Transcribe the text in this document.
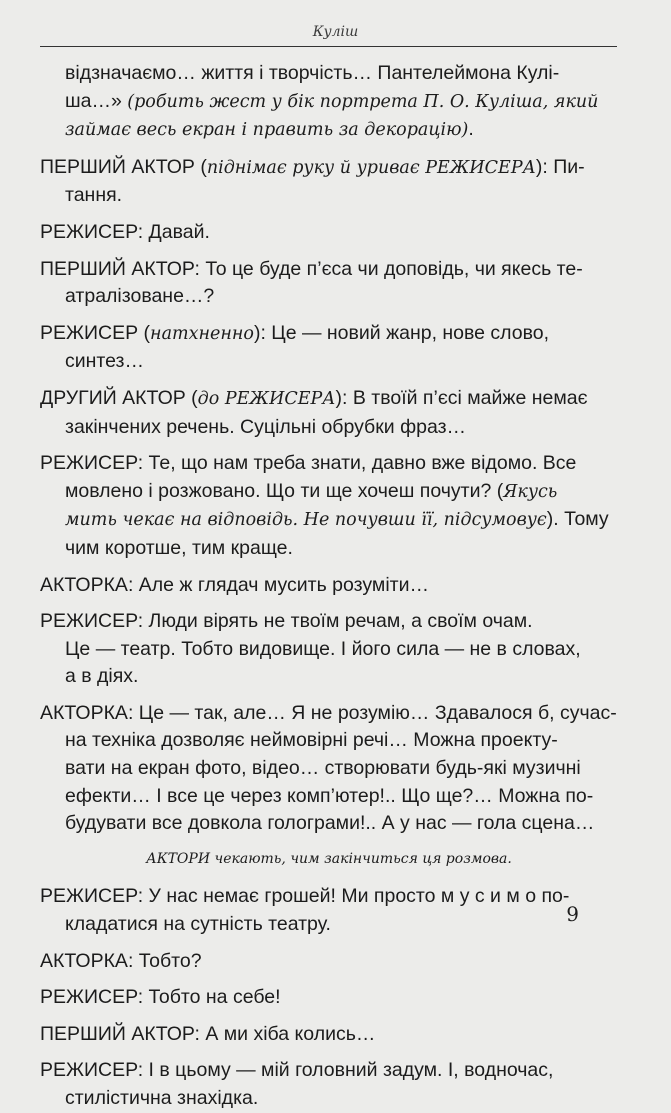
Куліш

відзначаємо… життя і творчість… Пантелеймона Кулі-

ша…» (робить жест у бік портрета П. О. Куліша, який

займає весь екран і править за декорацію).

ПЕРШИЙ АКТОР (піднімає руку й уриває РЕЖИСЕРА): Пи-

тання.

РЕЖИСЕР: Давай.

ПЕРШИЙ АКТОР: То це буде п’єса чи доповідь, чи якесь те-

атралізоване…?

РЕЖИСЕР (натхненно): Це — новий жанр, нове слово,

синтез…

ДРУГИЙ АКТОР (до РЕЖИСЕРА): В твоїй п’єсі майже немає

закінчених речень. Суцільні обрубки фраз…

РЕЖИСЕР: Те, що нам треба знати, давно вже відомо. Все

мовлено і розжовано. Що ти ще хочеш почути? (Якусь

мить чекає на відповідь. Не почувши її, підсумовує). Тому

чим коротше, тим краще.

АКТОРКА: Але ж глядач мусить розуміти…

РЕЖИСЕР: Люди вірять не твоїм речам, а своїм очам.

Це — театр. Тобто видовище. І його сила — не в словах,

а в діях.

АКТОРКА: Це — так, але… Я не розумію… Здавалося б, сучас-

на техніка дозволяє неймовірні речі… Можна проекту-

вати на екран фото, відео… створювати будь-які музичні

ефекти… І все це через комп’ютер!.. Що ще?… Можна по-

будувати все довкола голограми!.. А у нас — гола сцена…

АКТОРИ чекають, чим закінчиться ця розмова.

РЕЖИСЕР: У нас немає грошей! Ми просто м у с и м о по-

кладатися на сутність театру.

АКТОРКА: Тобто?

РЕЖИСЕР: Тобто на себе!

ПЕРШИЙ АКТОР: А ми хіба колись…

РЕЖИСЕР: І в цьому — мій головний задум. І, водночас,

стилістична знахідка.

9
